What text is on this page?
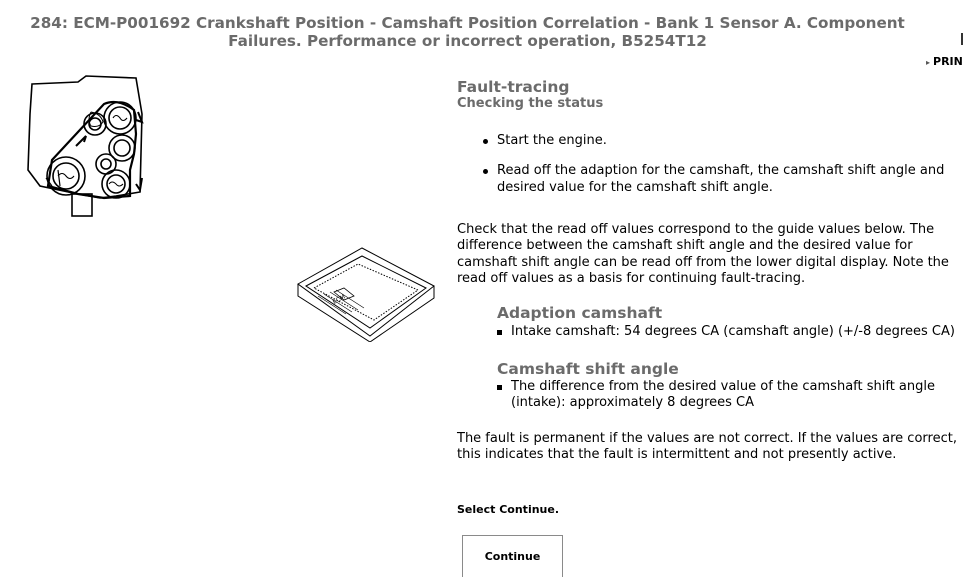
284: ECM-P001692 Crankshaft Position - Camshaft Position Correlation - Bank 1 Sensor A. Component
Failures. Performance or incorrect operation, B5254T12
▸ PRIN
ECM
Fault-tracing
Checking the status
Start the engine.
Read off the adaption for the camshaft, the camshaft shift angle and desired value for the camshaft shift angle.

Check that the read off values correspond to the guide values below. The difference between the camshaft shift angle and the desired value for camshaft shift angle can be read off from the lower digital display. Note the read off values as a basis for continuing fault-tracing.

Adaption camshaft
Intake camshaft: 54 degrees CA (camshaft angle) (+/-8 degrees CA)
Camshaft shift angle
The difference from the desired value of the camshaft shift angle (intake): approximately 8 degrees CA

The fault is permanent if the values are not correct. If the values are correct, this indicates that the fault is intermittent and not presently active.

Select Continue.
Continue
